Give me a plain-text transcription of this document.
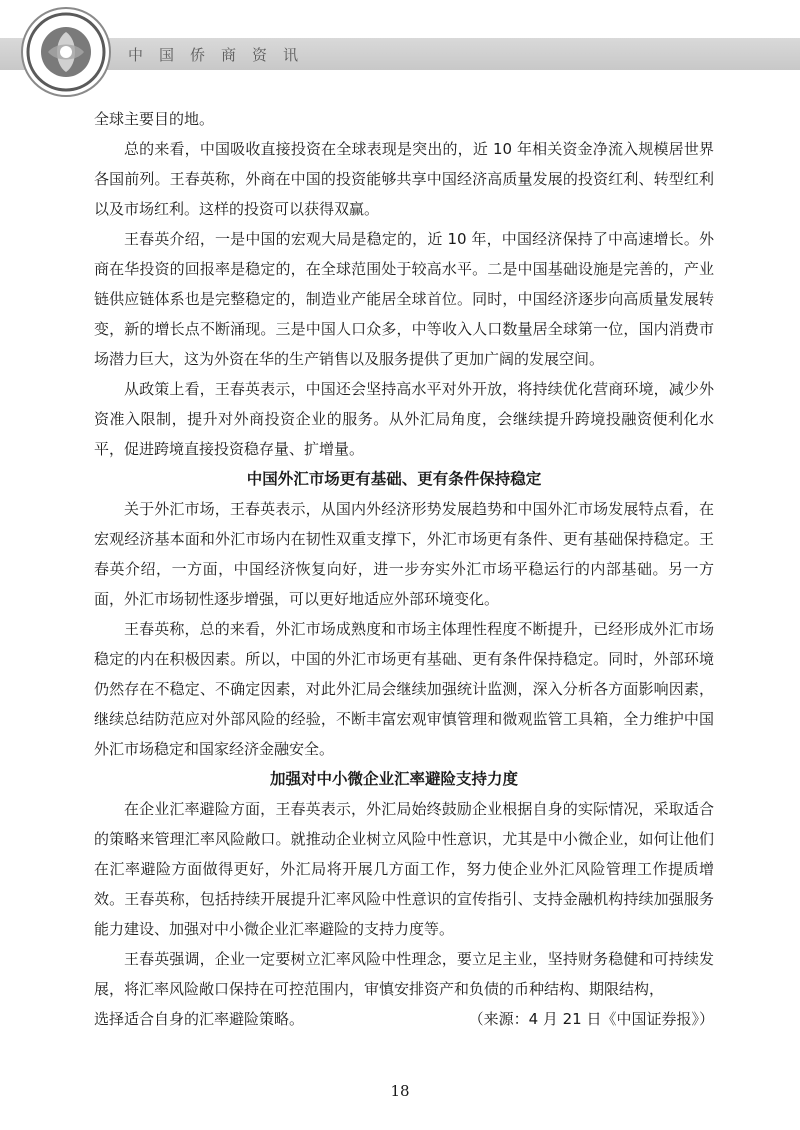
中国侨商资讯

全球主要目的地。

总的来看，中国吸收直接投资在全球表现是突出的，近 10 年相关资金净流入规模居世界各国前列。王春英称，外商在中国的投资能够共享中国经济高质量发展的投资红利、转型红利以及市场红利。这样的投资可以获得双赢。

王春英介绍，一是中国的宏观大局是稳定的，近 10 年，中国经济保持了中高速增长。外商在华投资的回报率是稳定的，在全球范围处于较高水平。二是中国基础设施是完善的，产业链供应链体系也是完整稳定的，制造业产能居全球首位。同时，中国经济逐步向高质量发展转变，新的增长点不断涌现。三是中国人口众多，中等收入人口数量居全球第一位，国内消费市场潜力巨大，这为外资在华的生产销售以及服务提供了更加广阔的发展空间。

从政策上看，王春英表示，中国还会坚持高水平对外开放，将持续优化营商环境，减少外资准入限制，提升对外商投资企业的服务。从外汇局角度，会继续提升跨境投融资便利化水平，促进跨境直接投资稳存量、扩增量。

中国外汇市场更有基础、更有条件保持稳定

关于外汇市场，王春英表示，从国内外经济形势发展趋势和中国外汇市场发展特点看，在宏观经济基本面和外汇市场内在韧性双重支撑下，外汇市场更有条件、更有基础保持稳定。王春英介绍，一方面，中国经济恢复向好，进一步夯实外汇市场平稳运行的内部基础。另一方面，外汇市场韧性逐步增强，可以更好地适应外部环境变化。

王春英称，总的来看，外汇市场成熟度和市场主体理性程度不断提升，已经形成外汇市场稳定的内在积极因素。所以，中国的外汇市场更有基础、更有条件保持稳定。同时，外部环境仍然存在不稳定、不确定因素，对此外汇局会继续加强统计监测，深入分析各方面影响因素，继续总结防范应对外部风险的经验，不断丰富宏观审慎管理和微观监管工具箱，全力维护中国外汇市场稳定和国家经济金融安全。

加强对中小微企业汇率避险支持力度

在企业汇率避险方面，王春英表示，外汇局始终鼓励企业根据自身的实际情况，采取适合的策略来管理汇率风险敞口。就推动企业树立风险中性意识，尤其是中小微企业，如何让他们在汇率避险方面做得更好，外汇局将开展几方面工作，努力使企业外汇风险管理工作提质增效。王春英称，包括持续开展提升汇率风险中性意识的宣传指引、支持金融机构持续加强服务能力建设、加强对中小微企业汇率避险的支持力度等。

王春英强调，企业一定要树立汇率风险中性理念，要立足主业，坚持财务稳健和可持续发展，将汇率风险敞口保持在可控范围内，审慎安排资产和负债的币种结构、期限结构，

选择适合自身的汇率避险策略。	（来源：4 月 21 日《中国证券报》）
18
